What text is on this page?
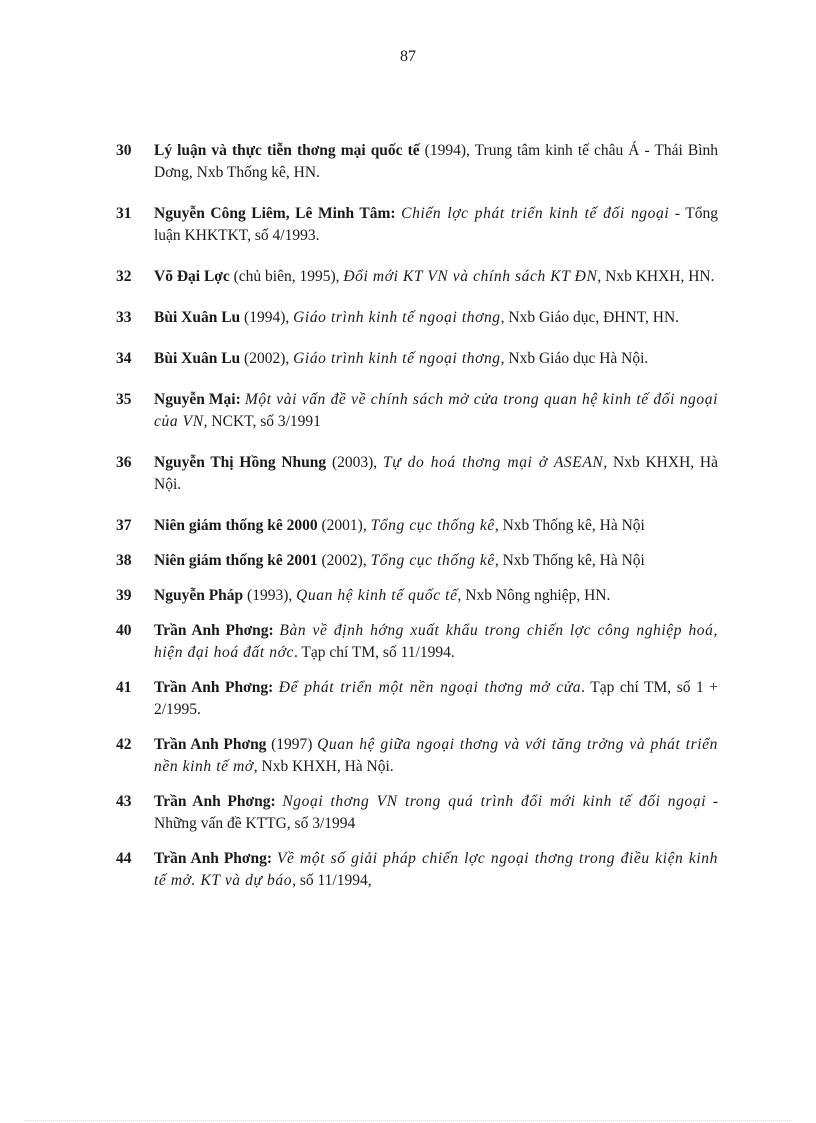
87
30	Lý luận và thực tiễn thơng mại quốc tế (1994), Trung tâm kinh tế châu Á - Thái Bình Dơng, Nxb Thống kê, HN.
31	Nguyễn Công Liêm, Lê Minh Tâm: Chiến lợc phát triển kinh tế đối ngoại - Tổng luận KHKTKT, số 4/1993.
32	Võ Đại Lợc (chủ biên, 1995), Đổi mới KT VN và chính sách KT ĐN, Nxb KHXH, HN.
33	Bùi Xuân Lu (1994), Giáo trình kinh tế ngoại thơng, Nxb Giáo dục, ĐHNT, HN.
34	Bùi Xuân Lu (2002), Giáo trình kinh tế ngoại thơng, Nxb Giáo dục Hà Nội.
35	Nguyễn Mại: Một vài vấn đề về chính sách mở cửa trong quan hệ kinh tế đối ngoại của VN, NCKT, số 3/1991
36	Nguyễn Thị Hồng Nhung (2003), Tự do hoá thơng mại ở ASEAN, Nxb KHXH, Hà Nội.
37	Niên giám thống kê 2000 (2001), Tổng cục thống kê, Nxb Thống kê, Hà Nội
38	Niên giám thống kê 2001 (2002), Tổng cục thống kê, Nxb Thống kê, Hà Nội
39	Nguyễn Pháp (1993), Quan hệ kinh tế quốc tế, Nxb Nông nghiệp, HN.
40	Trần Anh Phơng: Bàn về định hớng xuất khẩu trong chiến lợc công nghiệp hoá, hiện đại hoá đất nớc. Tạp chí TM, số 11/1994.
41	Trần Anh Phơng: Để phát triển một nền ngoại thơng mở cửa. Tạp chí TM, số 1 + 2/1995.
42	Trần Anh Phơng (1997) Quan hệ giữa ngoại thơng và với tăng trởng và phát triển nền kinh tế mở, Nxb KHXH, Hà Nội.
43	Trần Anh Phơng: Ngoại thơng VN trong quá trình đổi mới kinh tế đối ngoại - Những vấn đề KTTG, số 3/1994
44	Trần Anh Phơng: Về một số giải pháp chiến lợc ngoại thơng trong điều kiện kinh tế mở. KT và dự báo, số 11/1994,
